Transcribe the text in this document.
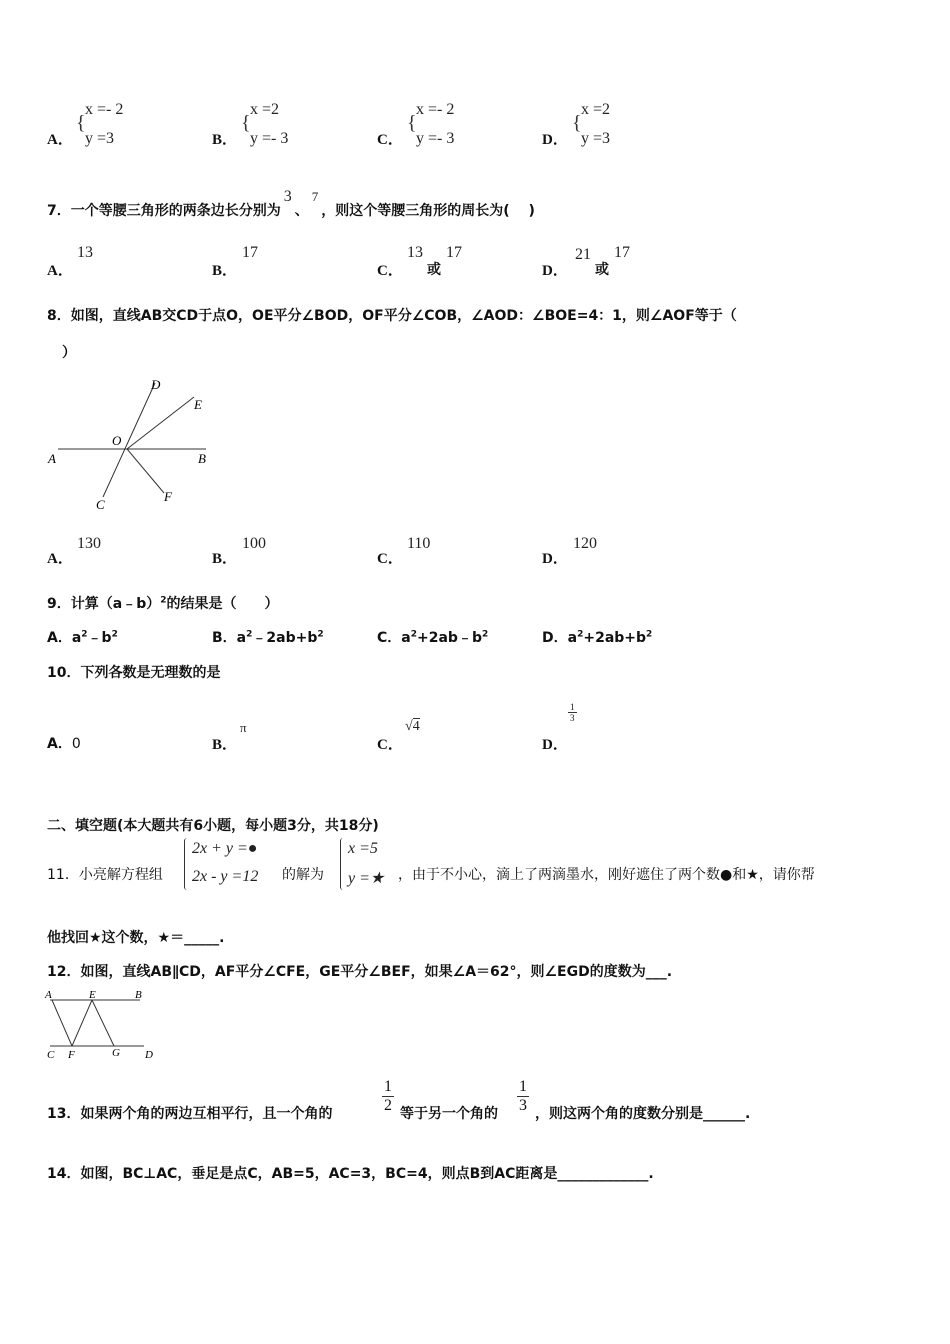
A．
{
x =- 2
y =3	B．
{
x =2
y =- 3	C．
{
x =- 2
y =- 3	D．
{
x =2
y =3
7．一个等腰三角形的两条边长分别为3、7，则这个等腰三角形的周长为(　 )
A．
13
B．
17
C．
13
或
17
D．
21
或
17
8．如图，直线AB交CD于点O，OE平分∠BOD，OF平分∠COB，∠AOD：∠BOE=4：1，则∠AOF等于（
）
A	B
C
D
E
F
O
A．
130
B．
100
C．
110
D．
120
9．计算（a﹣b）$^2$的结果是（　　）
A．$a^2﹣b^2$	B．$a^2﹣2ab+b^2$	C．$a^2+2ab﹣b^2$	D．$a^2+2ab+b^2$
10．下列各数是无理数的是
A．0	B．
π
C．
√4
D．
$\frac{1}{3}$
二、填空题(本大题共有6小题，每小题3分，共18分)
11．小亮解方程组
2x + y =●
2x - y =12 的解为
x =5
y =★ ，由于不小心，滴上了两滴墨水，刚好遮住了两个数●和★，请你帮
他找回★这个数，★＝_____.
12．如图，直线AB∥CD，AF平分∠CFE，GE平分∠BEF，如果∠A＝62°，则∠EGD的度数为___.
A	E	B
C F	G D
13．如果两个角的两边互相平行，且一个角的	$\frac{1}{2}$ 等于另一个角的 $\frac{1}{3}$ ，则这两个角的度数分别是______.
14．如图，BC⊥AC，垂足是点C，AB=5，AC=3，BC=4，则点B到AC距离是_____________.
